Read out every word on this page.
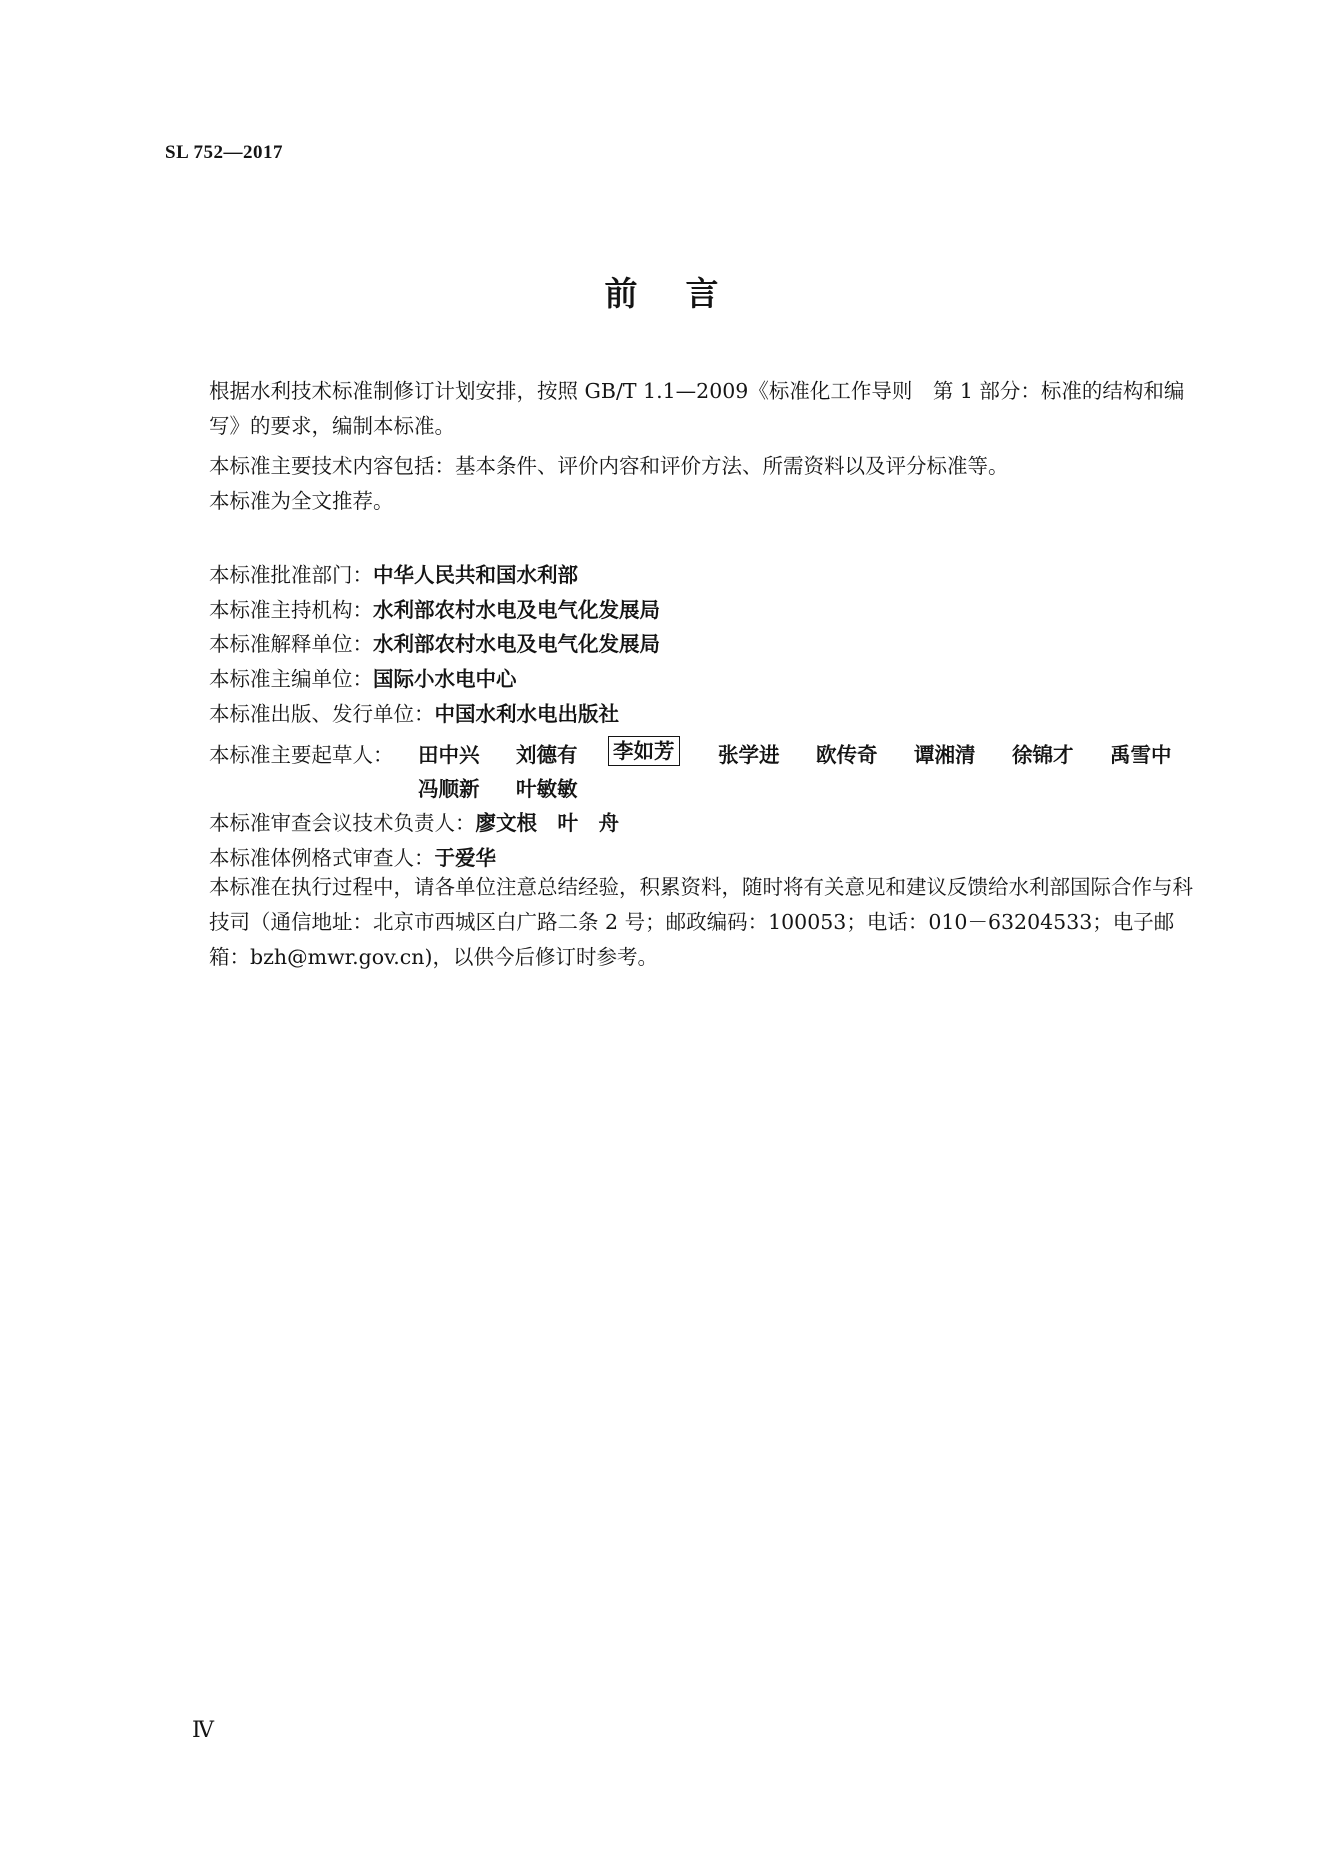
SL 752—2017
前言
根据水利技术标准制修订计划安排，按照 GB/T 1.1—2009《标准化工作导则　第 1 部分：标准的结构和编写》的要求，编制本标准。
本标准主要技术内容包括：基本条件、评价内容和评价方法、所需资料以及评分标准等。
本标准为全文推荐。
本标准批准部门：中华人民共和国水利部
本标准主持机构：水利部农村水电及电气化发展局
本标准解释单位：水利部农村水电及电气化发展局
本标准主编单位：国际小水电中心
本标准出版、发行单位：中国水利水电出版社
本标准主要起草人： 田中兴 刘德有 李如芳 张学进 欧传奇 谭湘清 徐锦才 禹雪中
冯顺新 叶敏敏
本标准审查会议技术负责人：廖文根　叶　舟
本标准体例格式审查人：于爱华
本标准在执行过程中，请各单位注意总结经验，积累资料，随时将有关意见和建议反馈给水利部国际合作与科技司（通信地址：北京市西城区白广路二条 2 号；邮政编码：100053；电话：010－63204533；电子邮箱：bzh@mwr.gov.cn)，以供今后修订时参考。
Ⅳ
